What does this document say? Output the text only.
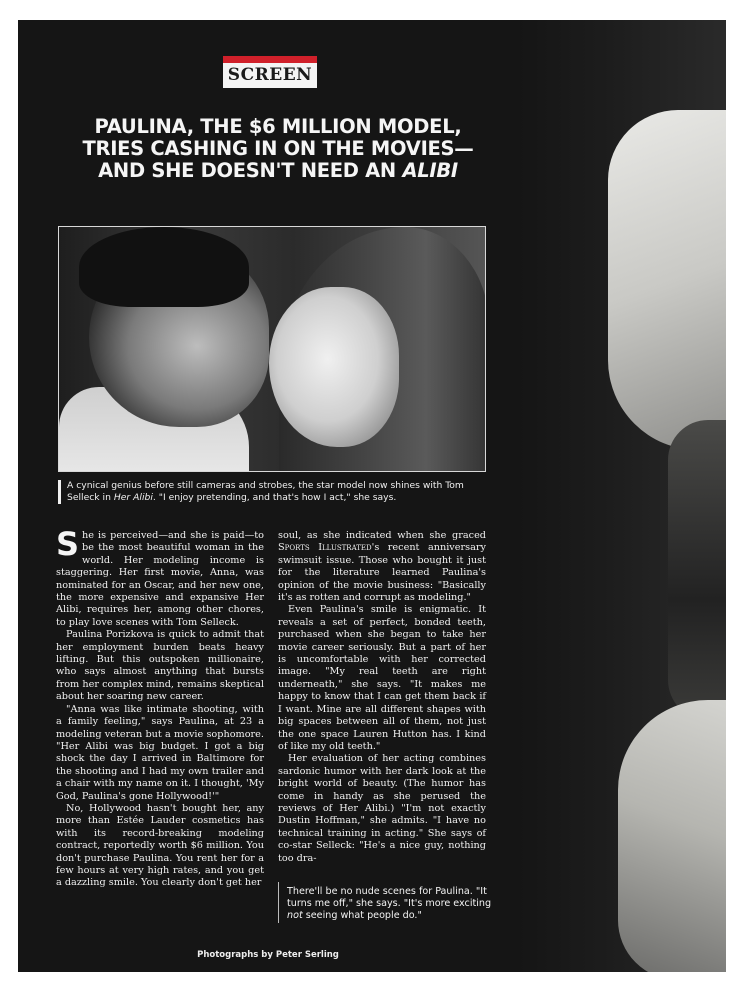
SCREEN
PAULINA, THE $6 MILLION MODEL,
TRIES CASHING IN ON THE MOVIES—
AND SHE DOESN'T NEED AN ALIBI
A cynical genius before still cameras and strobes, the star model now shines with Tom Selleck in Her Alibi. "I enjoy pretending, and that's how I act," she says.

She is perceived—and she is paid—to be the most beautiful woman in the world. Her modeling income is staggering. Her first movie, Anna, was nominated for an Oscar, and her new one, the more expensive and expansive Her Alibi, requires her, among other chores, to play love scenes with Tom Selleck.

Paulina Porizkova is quick to admit that her employment burden beats heavy lifting. But this outspoken millionaire, who says almost anything that bursts from her complex mind, remains skeptical about her soaring new career.

"Anna was like intimate shooting, with a family feeling," says Paulina, at 23 a modeling veteran but a movie sophomore. "Her Alibi was big budget. I got a big shock the day I arrived in Baltimore for the shooting and I had my own trailer and a chair with my name on it. I thought, 'My God, Paulina's gone Hollywood!'"

No, Hollywood hasn't bought her, any more than Estée Lauder cosmetics has with its record-breaking modeling contract, reportedly worth $6 million. You don't purchase Paulina. You rent her for a few hours at very high rates, and you get a dazzling smile. You clearly don't get her

soul, as she indicated when she graced Sports Illustrated's recent anniversary swimsuit issue. Those who bought it just for the literature learned Paulina's opinion of the movie business: "Basically it's as rotten and corrupt as modeling."

Even Paulina's smile is enigmatic. It reveals a set of perfect, bonded teeth, purchased when she began to take her movie career seriously. But a part of her is uncomfortable with her corrected image. "My real teeth are right underneath," she says. "It makes me happy to know that I can get them back if I want. Mine are all different shapes with big spaces between all of them, not just the one space Lauren Hutton has. I kind of like my old teeth."

Her evaluation of her acting combines sardonic humor with her dark look at the bright world of beauty. (The humor has come in handy as she perused the reviews of Her Alibi.) "I'm not exactly Dustin Hoffman," she admits. "I have no technical training in acting." She says of co-star Selleck: "He's a nice guy, nothing too dra-

There'll be no nude scenes for Paulina. "It turns me off," she says. "It's more exciting not seeing what people do."
Photographs by Peter Serling
